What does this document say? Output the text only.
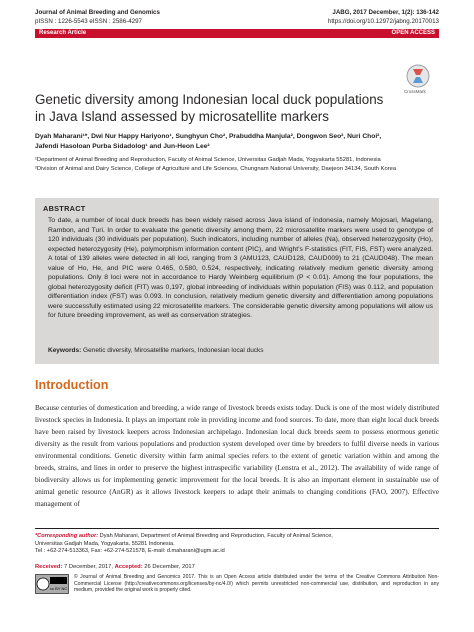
Journal of Animal Breeding and Genomics
pISSN : 1226-5543 eISSN : 2586-4297
JABG, 2017 December, 1(2): 136-142
https://doi.org/10.12972/jabng.20170013
Research Article	OPEN ACCESS
CrossMark
Genetic diversity among Indonesian local duck populations in Java Island assessed by microsatellite markers
Dyah Maharani¹*, Dwi Nur Happy Hariyono¹, Sunghyun Cho², Prabuddha Manjula², Dongwon Seo², Nuri Choi²,
Jafendi Hasoloan Purba Sidadolog¹ and Jun-Heon Lee²
¹Department of Animal Breeding and Reproduction, Faculty of Animal Science, Universitas Gadjah Mada, Yogyakarta 55281, Indonesia
²Division of Animal and Dairy Science, College of Agriculture and Life Sciences, Chungnam National University, Daejeon 34134, South Korea
ABSTRACT
To date, a number of local duck breeds has been widely raised across Java island of Indonesia, namely Mojosari, Magelang, Rambon, and Turi. In order to evaluate the genetic diversity among them, 22 microsatellite markers were used to genotype of 120 individuals (30 individuals per population). Such indicators, including number of alleles (Na), observed heterozygosity (Ho), expected heterozygosity (He), polymorphism information content (PIC), and Wright's F-statistics (FIT, FIS, FST) were analyzed. A total of 139 alleles were detected in all loci, ranging from 3 (AMU123, CAUD128, CAUD009) to 21 (CAUD048). The mean value of Ho, He, and PIC were 0.465, 0.580, 0.524, respectively, indicating relatively medium genetic diversity among populations. Only 8 loci were not in accordance to Hardy Weinberg equilibrium (P < 0.01). Among the four populations, the global heterozygosity deficit (FIT) was 0,197, global inbreeding of individuals within population (FIS) was 0.112, and population differentiation index (FST) was 0.093. In conclusion, relatively medium genetic diversity and differentiation among populations were successfully estimated using 22 microsatellite markers. The considerable genetic diversity among populations will allow us for future breeding improvement, as well as conservation strategies.
Keywords: Genetic diversity, Mirosatellite markers, Indonesian local ducks
Introduction
Because centuries of domestication and breeding, a wide range of livestock breeds exists today. Duck is one of the most widely distributed livestock species in Indonesia. It plays an important role in providing income and food sources. To date, more than eight local duck breeds have been raised by livestock keepers across Indonesian archipelago. Indonesian local duck breeds seem to possess enormous genetic diversity as the result from various populations and production system developed over time by breeders to fulfil diverse needs in various environmental conditions. Genetic diversity within farm animal species refers to the extent of genetic variation within and among the breeds, strains, and lines in order to preserve the highest intraspecific variability (Lenstra et al., 2012). The availability of wide range of biodiversity allows us for implementing genetic improvement for the local breeds. It is also an important element in sustainable use of animal genetic resource (AnGR) as it allows livestock keepers to adapt their animals to changing conditions (FAO, 2007). Effective management of
*Corresponding author: Dyah Maharani, Department of Animal Breeding and Reproduction, Faculty of Animal Science, Universitas Gadjah Mada, Yogyakarta, 55281 Indonesia.
Tel : +62-274-513363, Fax: +62-274-521578, E-mail: d.maharani@ugm.ac.id
Received: 7 December, 2017, Accepted: 26 December, 2017
cc BY NC
© Journal of Animal Breeding and Genomics 2017. This is an Open Access article distributed under the terms of the Creative Commons Attribution Non-Commercial License (http://creativecommons.org/licenses/by-nc/4.0/) which permits unrestricted non-commercial use, distribution, and reproduction in any medium, provided the original work is properly cited.
